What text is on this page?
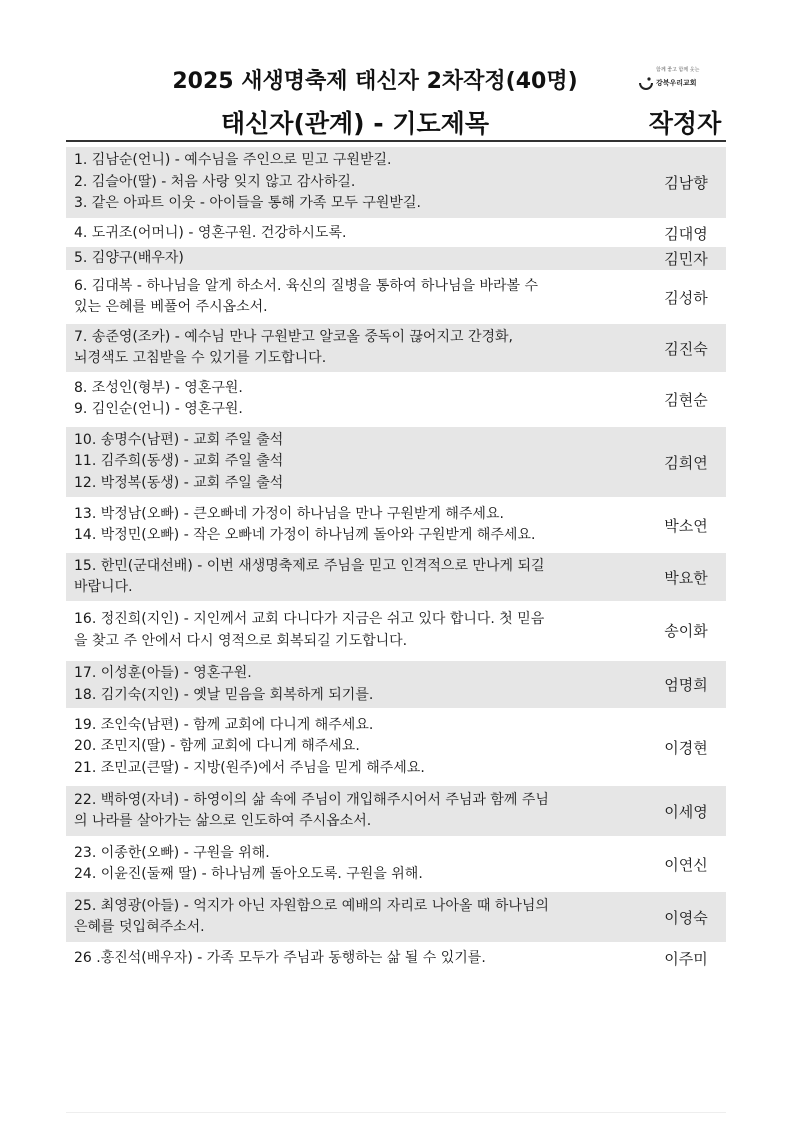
2025 새생명축제 태신자 2차작정(40명)	함께 좋고 함께 웃는
강북우리교회
태신자(관계) - 기도제목	작정자
1. 김남순(언니) - 예수님을 주인으로 믿고 구원받길.
2. 김슬아(딸) - 처음 사랑 잊지 않고 감사하길.
3. 같은 아파트 이웃 - 아이들을 통해 가족 모두 구원받길.
김남향
4. 도귀조(어머니) - 영혼구원. 건강하시도록.	김대영
5. 김양구(배우자)	김민자
6. 김대복 - 하나님을 알게 하소서. 육신의 질병을 통하여 하나님을 바라볼 수
있는 은혜를 베풀어 주시옵소서.
김성하
7. 송준영(조카) - 예수님 만나 구원받고 알코올 중독이 끊어지고 간경화,
뇌경색도 고침받을 수 있기를 기도합니다.
김진숙
8. 조성인(형부) - 영혼구원.
9. 김인순(언니) - 영혼구원.
김현순
10. 송명수(남편) - 교회 주일 출석
11. 김주희(동생) - 교회 주일 출석
12. 박정복(동생) - 교회 주일 출석
김희연
13. 박정남(오빠) - 큰오빠네 가정이 하나님을 만나 구원받게 해주세요.
14. 박정민(오빠) - 작은 오빠네 가정이 하나님께 돌아와 구원받게 해주세요.
박소연
15. 한민(군대선배) - 이번 새생명축제로 주님을 믿고 인격적으로 만나게 되길
바랍니다.
박요한
16. 정진희(지인) - 지인께서 교회 다니다가 지금은 쉬고 있다 합니다. 첫 믿음
을 찾고 주 안에서 다시 영적으로 회복되길 기도합니다.
송이화
17. 이성훈(아들) - 영혼구원.
18. 김기숙(지인) - 옛날 믿음을 회복하게 되기를.
엄명희
19. 조인숙(남편) - 함께 교회에 다니게 해주세요.
20. 조민지(딸) - 함께 교회에 다니게 해주세요.
21. 조민교(큰딸) - 지방(원주)에서 주님을 믿게 해주세요.
이경현
22. 백하영(자녀) - 하영이의 삶 속에 주님이 개입해주시어서 주님과 함께 주님
의 나라를 살아가는 삶으로 인도하여 주시옵소서.
이세영
23. 이종한(오빠) - 구원을 위해.
24. 이윤진(둘째 딸) - 하나님께 돌아오도록. 구원을 위해.
이연신
25. 최영광(아들) - 억지가 아닌 자원함으로 예배의 자리로 나아올 때 하나님의
은혜를 덧입혀주소서.
이영숙
26 .홍진석(배우자) - 가족 모두가 주님과 동행하는 삶 될 수 있기를.	이주미
